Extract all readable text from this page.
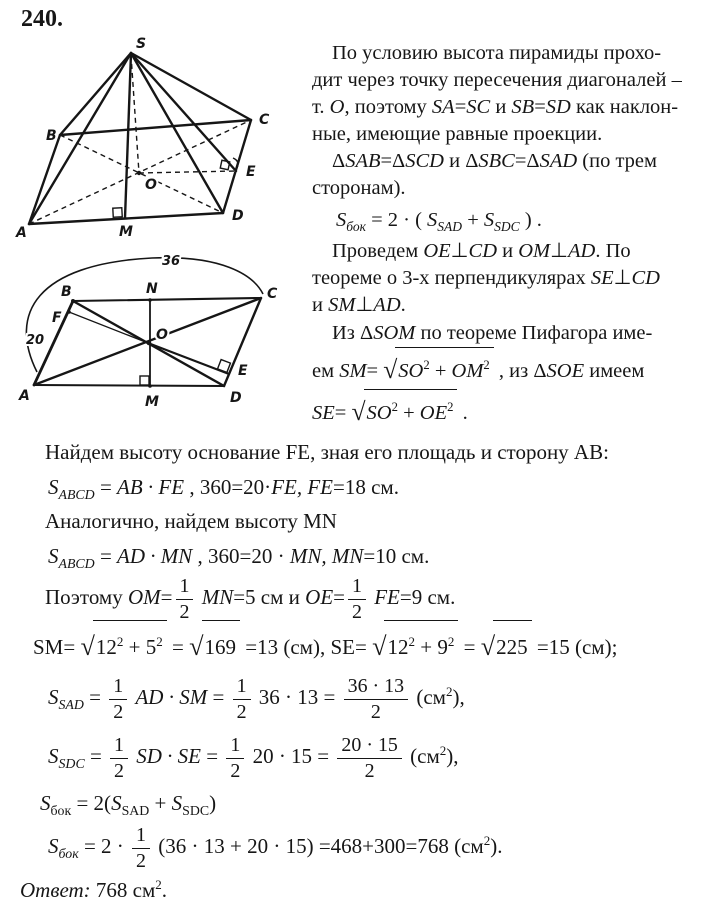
240.
S
B
C
A
D
O
M
E
B	N	C
A	M	D
O
F
E
36
20
По условию высота пирамиды прохо-
дит через точку пересечения диагоналей –
т. О, поэтому SA=SC и SB=SD как наклон-
ные, имеющие равные проекции.
ΔSAB=ΔSCD и ΔSBC=ΔSAD (по трем
сторонам).
$S_{бок} = 2$ · ( $S_{SAD} + S_{SDC}$ ) .
Проведем OE⊥CD и OM⊥AD. По
теореме о 3-х перпендикулярах SE⊥CD
и SM⊥AD.
Из ΔSOM по теореме Пифагора име-
ем $SM= √SO^2 + OM^2$ , из ΔSOE имеем
$SE= √SO^2 + OE^2$ .
Найдем высоту основание FE, зная его площадь и сторону АВ:
$S_{ABCD}$ = AB · FE , 360=20·FE, FE=18 см.
Аналогично, найдем высоту MN
$S_{ABCD}$ = AD · MN , 360=20 · MN, MN=10 см.
Поэтому $OM= \frac{1}{2} MN=5$ см и $OE= \frac{1}{2} FE=9$ см.
$SM= √12^2 + 5^2 = √169 =13$ (см), $SE= √12^2 + 9^2 = √225 =15$ (см);
$S_{SAD} = \frac{1}{2}$ AD · SM = $\frac{1}{2} 36 \cdot 13 = \frac{36 \cdot 13}{2} (см^2)$,
$S_{SDC} = \frac{1}{2}$ SD · SE = $\frac{1}{2} 20 \cdot 15 = \frac{20 \cdot 15}{2} (см^2)$,
$S_{бок} = 2(S_{SAD} + S_{SDC})$
$S_{бок} = 2 \cdot \frac{1}{2} (36 \cdot 13 + 20 \cdot 15) =468+300=768$ $(см^2)$.
Ответ: 768 $см^2$.
